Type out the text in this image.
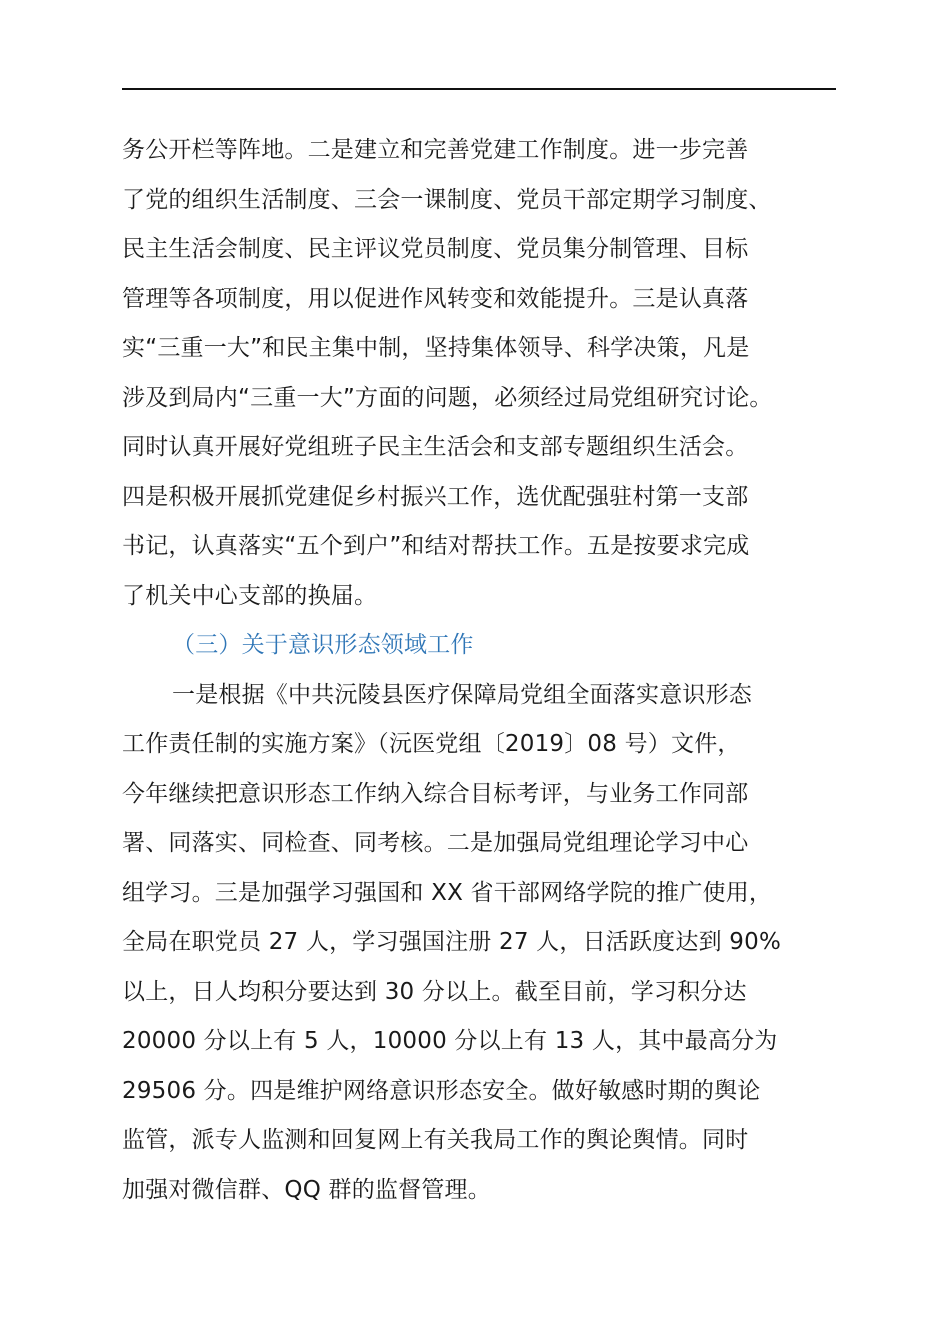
务公开栏等阵地。二是建立和完善党建工作制度。进一步完善
了党的组织生活制度、三会一课制度、党员干部定期学习制度、
民主生活会制度、民主评议党员制度、党员集分制管理、目标
管理等各项制度，用以促进作风转变和效能提升。三是认真落
实“三重一大”和民主集中制，坚持集体领导、科学决策，凡是
涉及到局内“三重一大”方面的问题，必须经过局党组研究讨论。
同时认真开展好党组班子民主生活会和支部专题组织生活会。
四是积极开展抓党建促乡村振兴工作，选优配强驻村第一支部
书记，认真落实“五个到户”和结对帮扶工作。五是按要求完成
了机关中心支部的换届。
（三）关于意识形态领域工作
一是根据《中共沅陵县医疗保障局党组全面落实意识形态
工作责任制的实施方案》（沅医党组〔2019〕08 号）文件，
今年继续把意识形态工作纳入综合目标考评，与业务工作同部
署、同落实、同检查、同考核。二是加强局党组理论学习中心
组学习。三是加强学习强国和 XX 省干部网络学院的推广使用，
全局在职党员 27 人，学习强国注册 27 人，日活跃度达到 90%
以上，日人均积分要达到 30 分以上。截至目前，学习积分达
20000 分以上有 5 人，10000 分以上有 13 人，其中最高分为
29506 分。四是维护网络意识形态安全。做好敏感时期的舆论
监管，派专人监测和回复网上有关我局工作的舆论舆情。同时
加强对微信群、QQ 群的监督管理。
